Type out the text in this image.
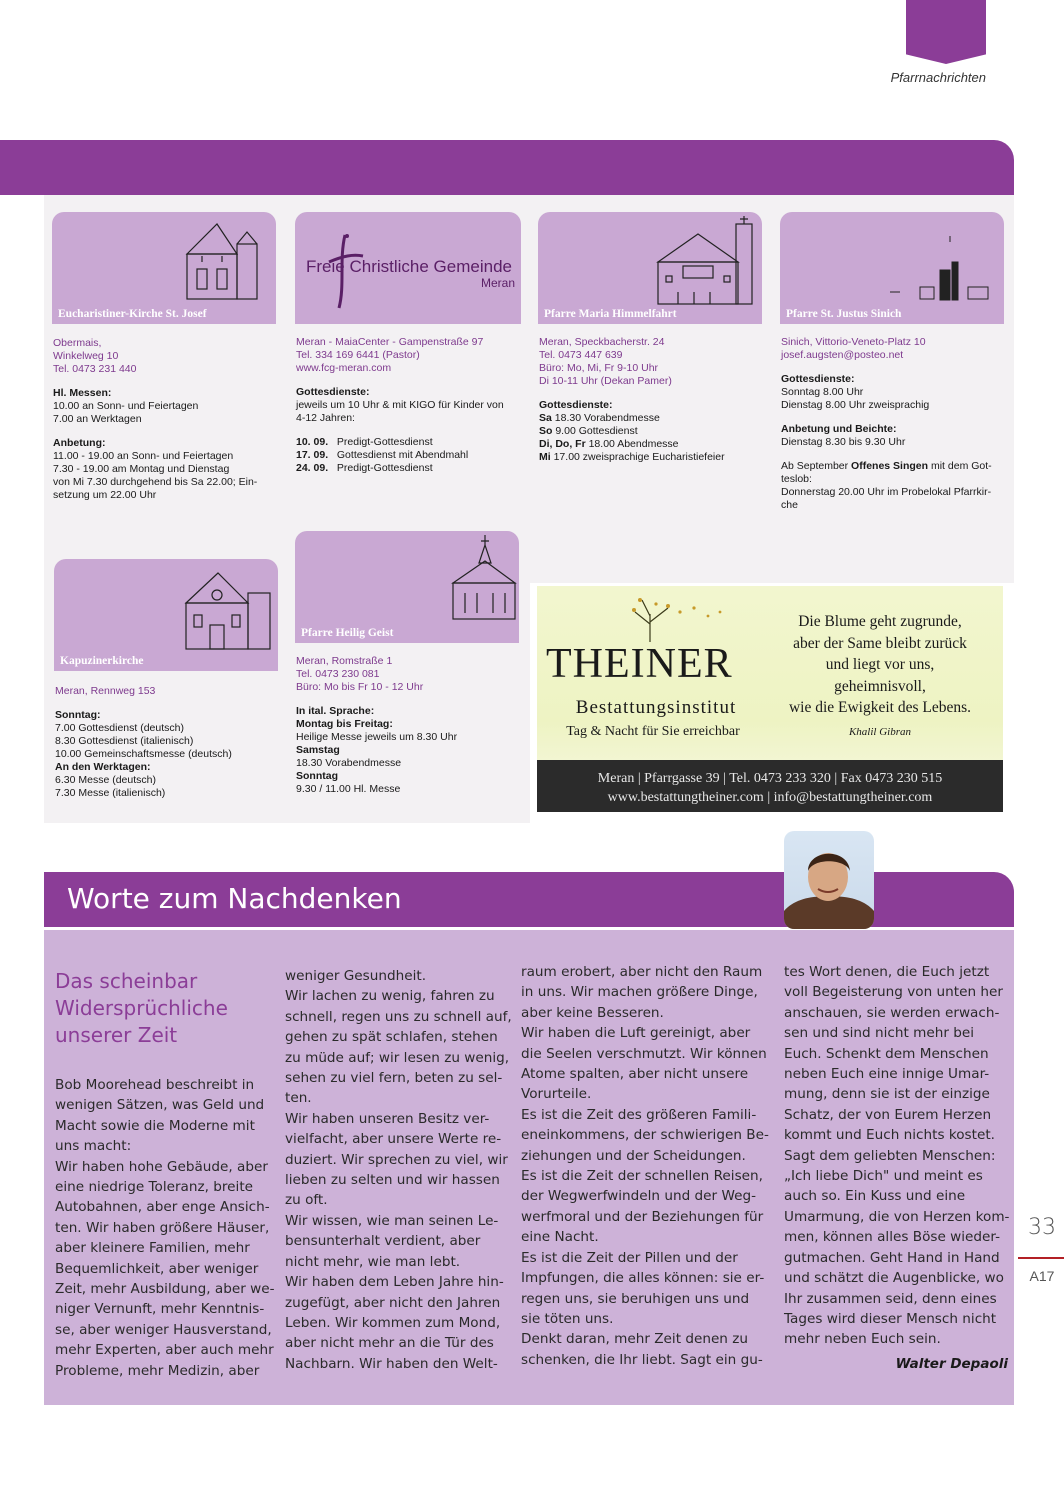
Pfarrnachrichten
Eucharistiner-Kirche St. Josef

Obermais,

Winkelweg 10

Tel. 0473 231 440

Hl. Messen:

10.00 an Sonn- und Feiertagen

7.00 an Werktagen

Anbetung:

11.00 - 19.00 an Sonn- und Feiertagen

7.30 - 19.00 am Montag und Dienstag

von Mi 7.30 durchgehend bis Sa 22.00; Ein-

setzung um 22.00 Uhr

Freie Christliche Gemeinde
Meran

Meran - MaiaCenter - Gampenstraße 97

Tel. 334 169 6441 (Pastor)

www.fcg-meran.com

Gottesdienste:

jeweils um 10 Uhr & mit KIGO für Kinder von

4-12 Jahren:

10. 09. Predigt-Gottesdienst

17. 09. Gottesdienst mit Abendmahl

24. 09. Predigt-Gottesdienst

Pfarre Maria Himmelfahrt

Meran, Speckbacherstr. 24

Tel. 0473 447 639

Büro: Mo, Mi, Fr 9-10 Uhr

Di 10-11 Uhr (Dekan Pamer)

Gottesdienste:

Sa 18.30 Vorabendmesse

So 9.00 Gottesdienst

Di, Do, Fr 18.00 Abendmesse

Mi 17.00 zweisprachige Eucharistiefeier

Pfarre St. Justus Sinich

Sinich, Vittorio-Veneto-Platz 10

josef.augsten@posteo.net

Gottesdienste:

Sonntag 8.00 Uhr

Dienstag 8.00 Uhr zweisprachig

Anbetung und Beichte:

Dienstag 8.30 bis 9.30 Uhr

Ab September Offenes Singen mit dem Got-

teslob:

Donnerstag 20.00 Uhr im Probelokal Pfarrkir-

che

Kapuzinerkirche

Meran, Rennweg 153

Sonntag:

7.00 Gottesdienst (deutsch)

8.30 Gottesdienst (italienisch)

10.00 Gemeinschaftsmesse (deutsch)

An den Werktagen:

6.30 Messe (deutsch)

7.30 Messe (italienisch)

Pfarre Heilig Geist

Meran, Romstraße 1

Tel. 0473 230 081

Büro: Mo bis Fr 10 - 12 Uhr

In ital. Sprache:

Montag bis Freitag:

Heilige Messe jeweils um 8.30 Uhr

Samstag

18.30 Vorabendmesse

Sonntag

9.30 / 11.00 Hl. Messe

THEINER
Bestattungsinstitut
Tag & Nacht für Sie erreichbar
Die Blume geht zugrunde,
aber der Same bleibt zurück
und liegt vor uns,
geheimnisvoll,
wie die Ewigkeit des Lebens.
Khalil Gibran
Meran | Pfarrgasse 39 | Tel. 0473 233 320 | Fax 0473 230 515
www.bestattungtheiner.com | info@bestattungtheiner.com
Worte zum Nachdenken
Das scheinbar
Widersprüchliche
unserer Zeit
Bob Moorehead beschreibt in
wenigen Sätzen, was Geld und
Macht sowie die Moderne mit
uns macht:
Wir haben hohe Gebäude, aber
eine niedrige Toleranz, breite
Autobahnen, aber enge Ansich-
ten. Wir haben größere Häuser,
aber kleinere Familien, mehr
Bequemlichkeit, aber weniger
Zeit, mehr Ausbildung, aber we-
niger Vernunft, mehr Kenntnis-
se, aber weniger Hausverstand,
mehr Experten, aber auch mehr
Probleme, mehr Medizin, aber
weniger Gesundheit.
Wir lachen zu wenig, fahren zu
schnell, regen uns zu schnell auf,
gehen zu spät schlafen, stehen
zu müde auf; wir lesen zu wenig,
sehen zu viel fern, beten zu sel-
ten.
Wir haben unseren Besitz ver-
vielfacht, aber unsere Werte re-
duziert. Wir sprechen zu viel, wir
lieben zu selten und wir hassen
zu oft.
Wir wissen, wie man seinen Le-
bensunterhalt verdient, aber
nicht mehr, wie man lebt.
Wir haben dem Leben Jahre hin-
zugefügt, aber nicht den Jahren
Leben. Wir kommen zum Mond,
aber nicht mehr an die Tür des
Nachbarn. Wir haben den Welt-
raum erobert, aber nicht den Raum
in uns. Wir machen größere Dinge,
aber keine Besseren.
Wir haben die Luft gereinigt, aber
die Seelen verschmutzt. Wir können
Atome spalten, aber nicht unsere
Vorurteile.
Es ist die Zeit des größeren Famili-
eneinkommens, der schwierigen Be-
ziehungen und der Scheidungen.
Es ist die Zeit der schnellen Reisen,
der Wegwerfwindeln und der Weg-
werfmoral und der Beziehungen für
eine Nacht.
Es ist die Zeit der Pillen und der
Impfungen, die alles können: sie er-
regen uns, sie beruhigen uns und
sie töten uns.
Denkt daran, mehr Zeit denen zu
schenken, die Ihr liebt. Sagt ein gu-
tes Wort denen, die Euch jetzt
voll Begeisterung von unten her
anschauen, sie werden erwach-
sen und sind nicht mehr bei
Euch. Schenkt dem Menschen
neben Euch eine innige Umar-
mung, denn sie ist der einzige
Schatz, der von Eurem Herzen
kommt und Euch nichts kostet.
Sagt dem geliebten Menschen:
„Ich liebe Dich" und meint es
auch so. Ein Kuss und eine
Umarmung, die von Herzen kom-
men, können alles Böse wieder-
gutmachen. Geht Hand in Hand
und schätzt die Augenblicke, wo
Ihr zusammen seid, denn eines
Tages wird dieser Mensch nicht
mehr neben Euch sein.
Walter Depaoli
33
A17
